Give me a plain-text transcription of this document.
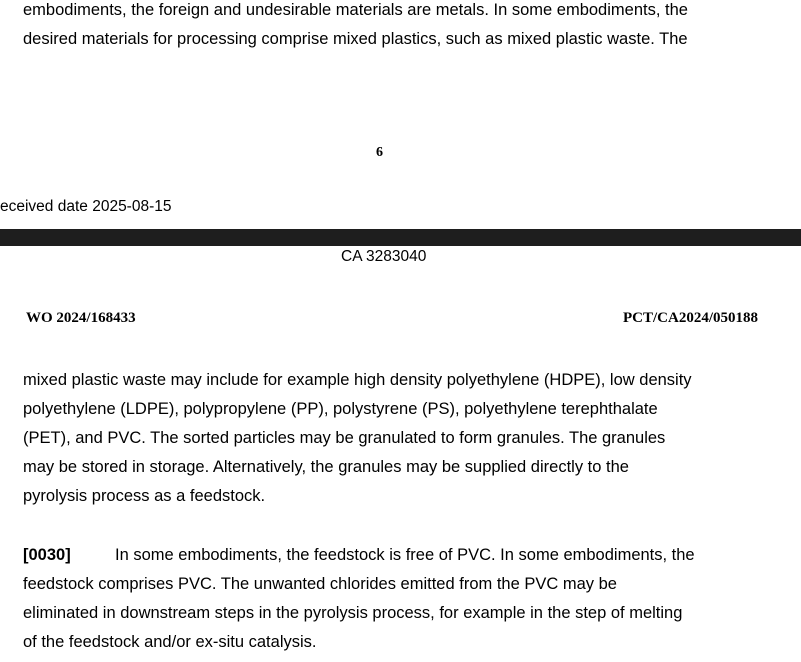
embodiments, the foreign and undesirable materials are metals. In some embodiments, the

desired materials for processing comprise mixed plastics, such as mixed plastic waste. The

6
eceived date 2025-08-15
CA 3283040
WO 2024/168433	PCT/CA2024/050188

mixed plastic waste may include for example high density polyethylene (HDPE), low density

polyethylene (LDPE), polypropylene (PP), polystyrene (PS), polyethylene terephthalate

(PET), and PVC. The sorted particles may be granulated to form granules. The granules

may be stored in storage. Alternatively, the granules may be supplied directly to the

pyrolysis process as a feedstock.

[0030]	In some embodiments, the feedstock is free of PVC. In some embodiments, the

feedstock comprises PVC. The unwanted chlorides emitted from the PVC may be

eliminated in downstream steps in the pyrolysis process, for example in the step of melting

of the feedstock and/or ex-situ catalysis.
